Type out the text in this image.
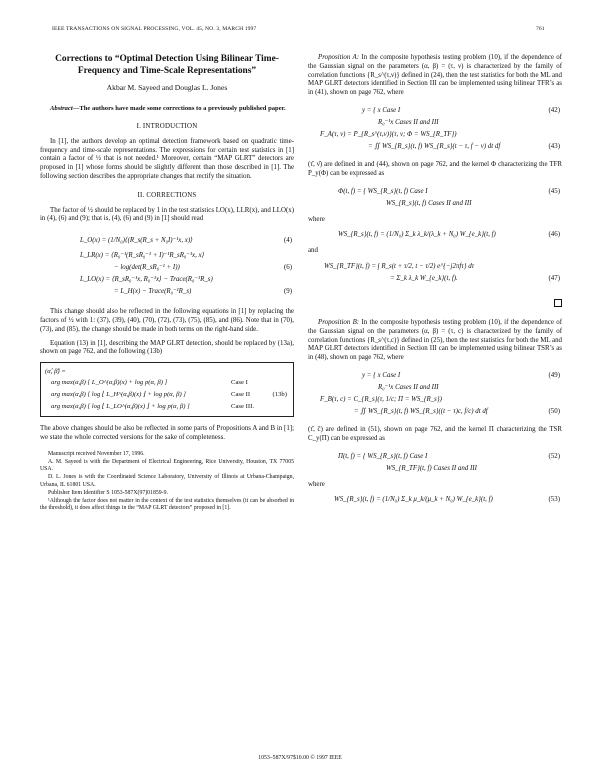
IEEE TRANSACTIONS ON SIGNAL PROCESSING, VOL. 45, NO. 3, MARCH 1997	761
Corrections to “Optimal Detection Using Bilinear Time-Frequency and Time-Scale Representations”
Akbar M. Sayeed and Douglas L. Jones

Abstract—The authors have made some corrections to a previously published paper.

I. INTRODUCTION

In [1], the authors develop an optimal detection framework based on quadratic time-frequency and time-scale representations. The expressions for certain test statistics in [1] contain a factor of ½ that is not needed.¹ Moreover, certain “MAP GLRT” detectors are proposed in [1] whose forms should be slightly different than those described in [1]. The following section describes the appropriate changes that rectify the situation.

II. CORRECTIONS

The factor of ½ should be replaced by 1 in the test statistics LO(x), LLR(x), and LLO(x) in (4), (6) and (9); that is, (4), (6) and (9) in [1] should read

L_O(x) = (1/N₀)⟨(R_s(R_s + N₀I)⁻¹x, x)⟩	(4)
L_LR(x) = ⟨R₀⁻¹(R_sR₀⁻¹ + I)⁻¹R_sR₀⁻¹x, x⟩
− log(det(R_sR₀⁻¹ + I))	(6)
L_LO(x) = ⟨R_sR₀⁻¹x, R₀⁻¹x⟩ − Trace(R₀⁻¹R_s)
= L_H(x) − Trace(R₀⁻¹R_s)	(9)

This change should also be reflected in the following equations in [1] by replacing the factors of ½ with 1: (37), (39), (40), (70), (72), (73), (75), (85), and (86). Note that in (70), (73), and (85), the change should be made in both terms on the right-hand side.

Equation (13) in [1], describing the MAP GLRT detection, should be replaced by (13a), shown on page 762, and the following (13b)

(α̂, β̂) =
arg max(α,β) [ L_O^(α,β)(x) + log p(α, β) ]	Case I
arg max(α,β) [ log ⌊ L_H^(α,β)(x) ⌋ + log p(α, β) ]	Case II	(13b)
arg max(α,β) [ log ⌊ L_LO^(α,β)(x) ⌋ + log p(α, β) ]	Case III.

The above changes should be also be reflected in some parts of Propositions A and B in [1]; we state the whole corrected versions for the sake of completeness.

Manuscript received November 17, 1996.

A. M. Sayeed is with the Department of Electrical Engineering, Rice University, Houston, TX 77005 USA.

D. L. Jones is with the Coordinated Science Laboratory, University of Illinois at Urbana-Champaign, Urbana, IL 61801 USA.

Publisher Item Identifier S 1053-587X(97)01859-9.

¹Although the factor does not matter in the context of the test statistics themselves (it can be absorbed in the threshold), it does affect things in the “MAP GLRT detectors” proposed in [1].

Proposition A: In the composite hypothesis testing problem (10), if the dependence of the Gaussian signal on the parameters (α, β) = (τ, ν) is characterized by the family of correlation functions {R_s^(τ,ν)} defined in (24), then the test statistics for both the ML and MAP GLRT detectors identified in Section III can be implemented using bilinear TFR’s as in (41), shown on page 762, where

y = { x Case I	(42)
R₀⁻¹x Cases II and III
F_A(τ, ν) = P_{R_s^(τ,ν)}(τ, ν; Φ = WS_{R_TF})
= ∬ WS_{R_s}(t, f) WS_{R_s}(t − τ, f − ν) dt df	(43)

(τ̂, ν̂) are defined in and (44), shown on page 762, and the kernel Φ characterizing the TFR P_y(Φ) can be expressed as

Φ(t, f) = { WS_{R_s}(t, f) Case I	(45)
WS_{R_s}(t, f) Cases II and III

where

WS_{R_s}(t, f) = (1/N₀) Σ_k λ_k/(λ_k + N₀) W_{e_k}(t, f)	(46)

and

WS_{R_TF}(t, f) = ∫ R_s(t + τ/2, t − τ/2) e^{−j2πfτ} dτ
= Σ_k λ_k W_{e_k}(t, f).	(47)

Proposition B: In the composite hypothesis testing problem (10), if the dependence of the Gaussian signal on the parameters (α, β) = (τ, c) is characterized by the family of correlation functions {R_s^(τ,c)} defined in (25), then the test statistics for both the ML and MAP GLRT detectors identified in Section III can be implemented using bilinear TSR’s as in (48), shown on page 762, where

y = { x Case I	(49)
R₀⁻¹x Cases II and III
F_B(τ, c) = C_{R_s}(τ, 1/c; Π = WS_{R_s})
= ∬ WS_{R_s}(t, f) WS_{R_s}((t − τ)c, f/c) dt df	(50)

(τ̂, ĉ) are defined in (51), shown on page 762, and the kernel Π characterizing the TSR C_y(Π) can be expressed as

Π(t, f) = { WS_{R_s}(t, f) Case I	(52)
WS_{R_TF}(t, f) Cases II and III

where

WS_{R_s}(t, f) = (1/N₀) Σ_k μ_k/(μ_k + N₀) W_{e_k}(t, f)	(53)
1053–587X/97$10.00 © 1997 IEEE
